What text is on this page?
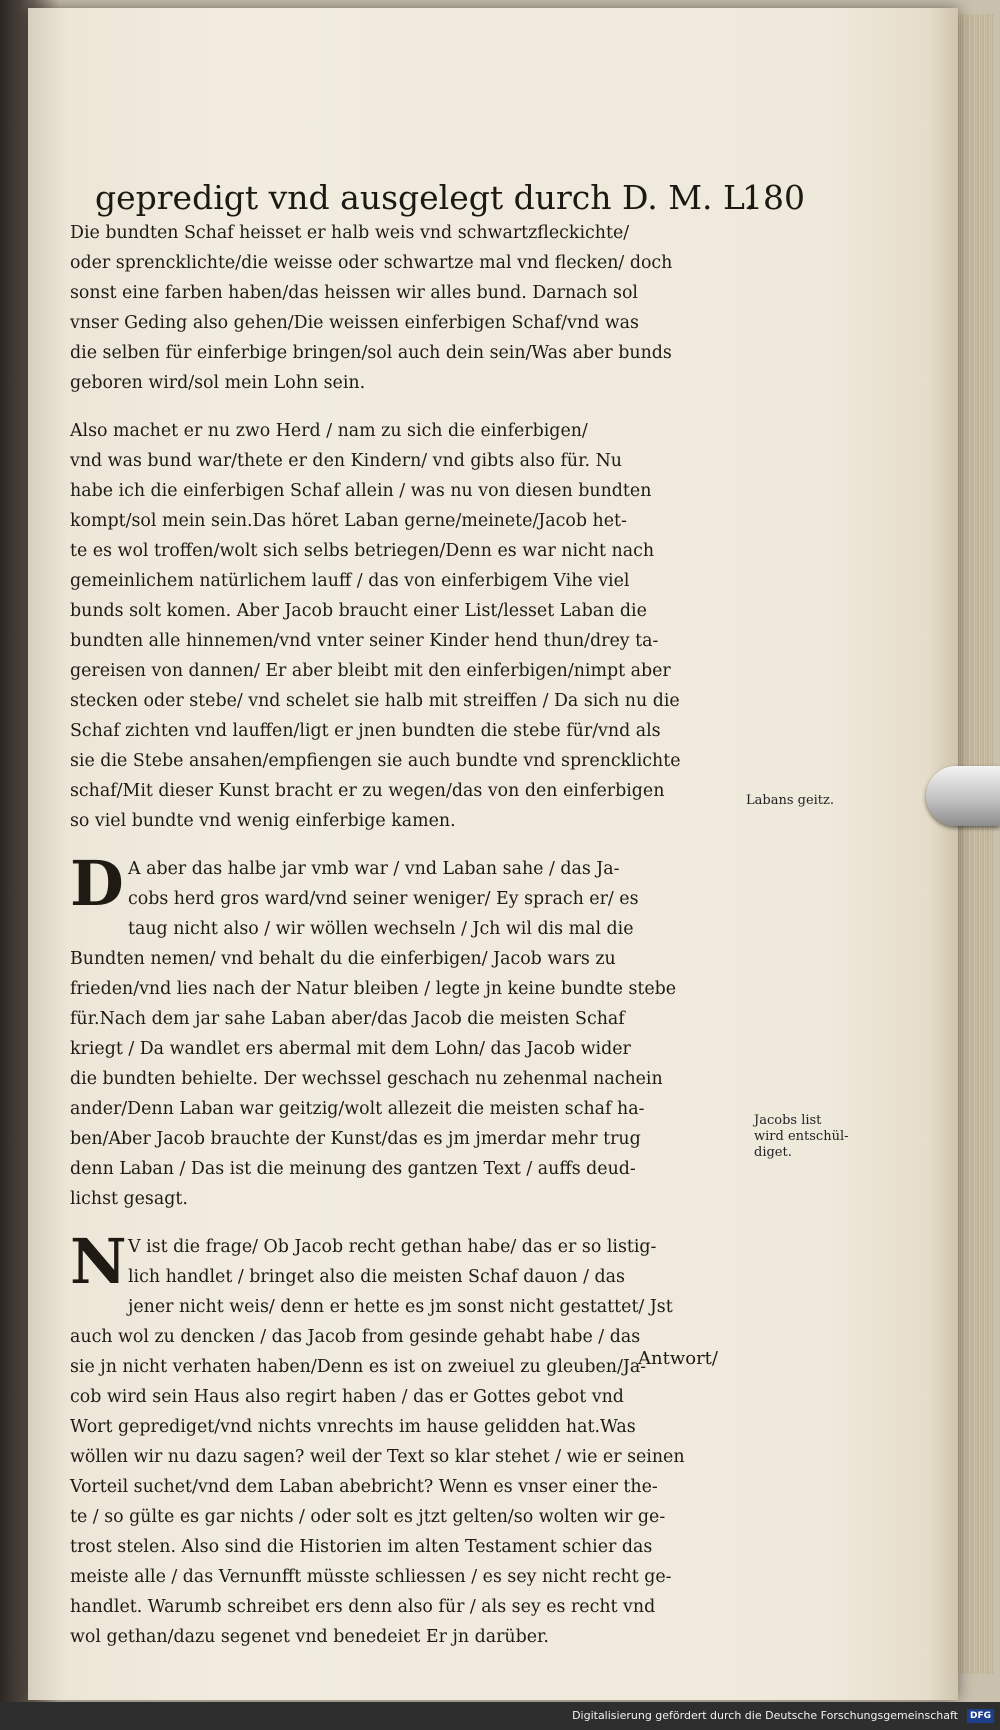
gepredigt vnd ausgelegt durch D. M. L.
180
Die bundten Schaf heisset er halb weis vnd schwartzfleckichte/
oder sprencklichte/die weisse oder schwartze mal vnd flecken/ doch
sonst eine farben haben/das heissen wir alles bund. Darnach sol
vnser Geding also gehen/Die weissen einferbigen Schaf/vnd was
die selben für einferbige bringen/sol auch dein sein/Was aber bunds
geboren wird/sol mein Lohn sein.
Also machet er nu zwo Herd / nam zu sich die einferbigen/
vnd was bund war/thete er den Kindern/ vnd gibts also für. Nu
habe ich die einferbigen Schaf allein / was nu von diesen bundten
kompt/sol mein sein.Das höret Laban gerne/meinete/Jacob het-
te es wol troffen/wolt sich selbs betriegen/Denn es war nicht nach
gemeinlichem natürlichem lauff / das von einferbigem Vihe viel
bunds solt komen. Aber Jacob braucht einer List/lesset Laban die
bundten alle hinnemen/vnd vnter seiner Kinder hend thun/drey ta-
gereisen von dannen/ Er aber bleibt mit den einferbigen/nimpt aber
stecken oder stebe/ vnd schelet sie halb mit streiffen / Da sich nu die
Schaf zichten vnd lauffen/ligt er jnen bundten die stebe für/vnd als
sie die Stebe ansahen/empfiengen sie auch bundte vnd sprencklichte
schaf/Mit dieser Kunst bracht er zu wegen/das von den einferbigen
so viel bundte vnd wenig einferbige kamen.
D A aber das halbe jar vmb war / vnd Laban sahe / das Ja-
cobs herd gros ward/vnd seiner weniger/ Ey sprach er/ es
taug nicht also / wir wöllen wechseln / Jch wil dis mal die
Bundten nemen/ vnd behalt du die einferbigen/ Jacob wars zu
frieden/vnd lies nach der Natur bleiben / legte jn keine bundte stebe
für.Nach dem jar sahe Laban aber/das Jacob die meisten Schaf
kriegt / Da wandlet ers abermal mit dem Lohn/ das Jacob wider
die bundten behielte. Der wechssel geschach nu zehenmal nachein
ander/Denn Laban war geitzig/wolt allezeit die meisten schaf ha-
ben/Aber Jacob brauchte der Kunst/das es jm jmerdar mehr trug
denn Laban / Das ist die meinung des gantzen Text / auffs deud-
lichst gesagt.
N V ist die frage/ Ob Jacob recht gethan habe/ das er so listig-
lich handlet / bringet also die meisten Schaf dauon / das
jener nicht weis/ denn er hette es jm sonst nicht gestattet/ Jst
auch wol zu dencken / das Jacob from gesinde gehabt habe / das
sie jn nicht verhaten haben/Denn es ist on zweiuel zu gleuben/Ja-
cob wird sein Haus also regirt haben / das er Gottes gebot vnd
Wort geprediget/vnd nichts vnrechts im hause gelidden hat.Was
wöllen wir nu dazu sagen? weil der Text so klar stehet / wie er seinen
Vorteil suchet/vnd dem Laban abebricht? Wenn es vnser einer the-
te / so gülte es gar nichts / oder solt es jtzt gelten/so wolten wir ge-
trost stelen. Also sind die Historien im alten Testament schier das
meiste alle / das Vernunfft müsste schliessen / es sey nicht recht ge-
handlet. Warumb schreibet ers denn also für / als sey es recht vnd
wol gethan/dazu segenet vnd benedeiet Er jn darüber.
Labans geitz.
Jacobs list
wird entschül-
diget.
Antwort/
Digitalisierung gefördert durch die Deutsche Forschungsgemeinschaft	DFG
